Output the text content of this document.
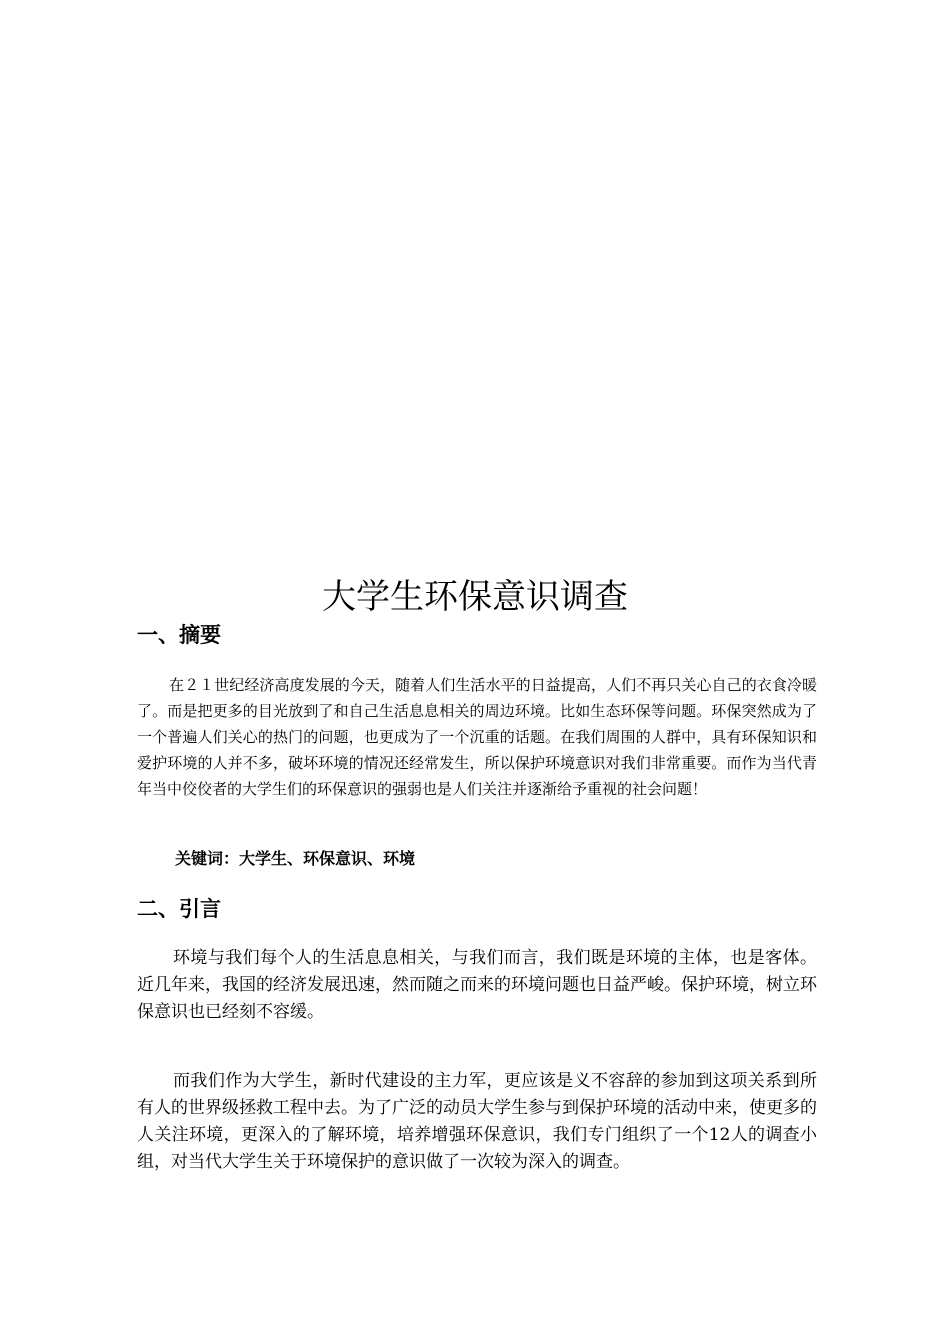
大学生环保意识调查
一、摘要

在２１世纪经济高度发展的今天，随着人们生活水平的日益提高，人们不再只关心自己的衣食冷暖了。而是把更多的目光放到了和自己生活息息相关的周边环境。比如生态环保等问题。环保突然成为了一个普遍人们关心的热门的问题，也更成为了一个沉重的话题。在我们周围的人群中，具有环保知识和爱护环境的人并不多，破坏环境的情况还经常发生，所以保护环境意识对我们非常重要。而作为当代青年当中佼佼者的大学生们的环保意识的强弱也是人们关注并逐渐给予重视的社会问题！

关键词：大学生、环保意识、环境

二、引言

环境与我们每个人的生活息息相关，与我们而言，我们既是环境的主体，也是客体。近几年来，我国的经济发展迅速，然而随之而来的环境问题也日益严峻。保护环境，树立环保意识也已经刻不容缓。

而我们作为大学生，新时代建设的主力军，更应该是义不容辞的参加到这项关系到所有人的世界级拯救工程中去。为了广泛的动员大学生参与到保护环境的活动中来，使更多的人关注环境，更深入的了解环境，培养增强环保意识，我们专门组织了一个12人的调查小组，对当代大学生关于环境保护的意识做了一次较为深入的调查。
